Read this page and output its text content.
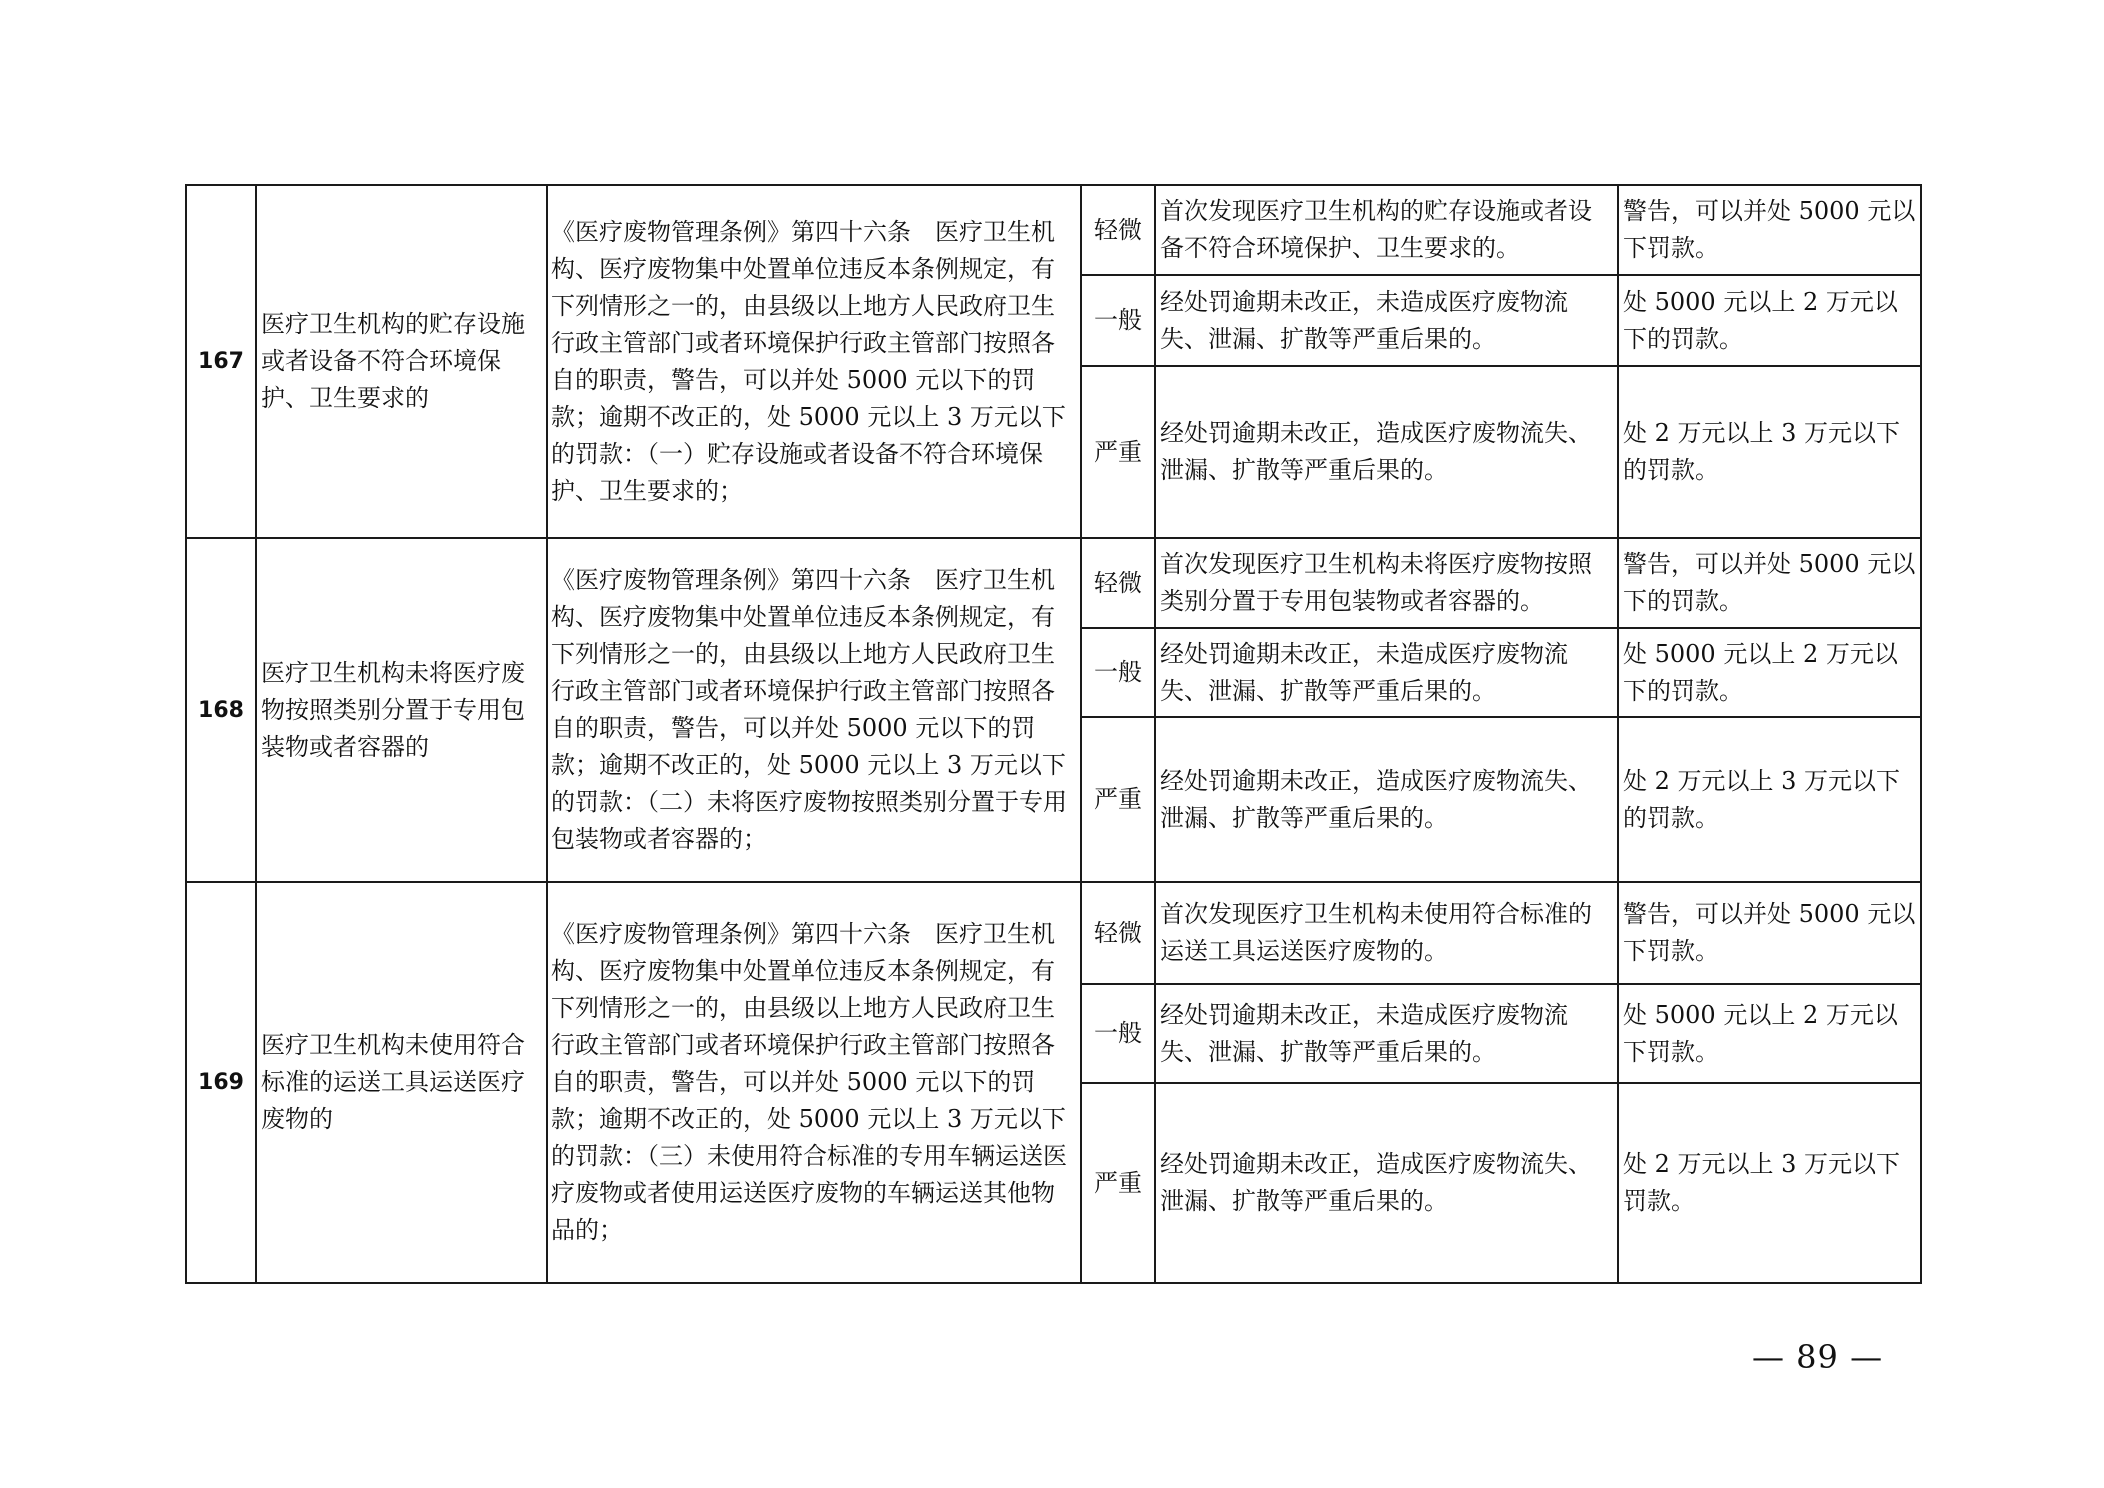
167	医疗卫生机构的贮存设施或者设备不符合环境保护、卫生要求的	《医疗废物管理条例》第四十六条　医疗卫生机构、医疗废物集中处置单位违反本条例规定，有下列情形之一的，由县级以上地方人民政府卫生行政主管部门或者环境保护行政主管部门按照各自的职责，警告，可以并处 5000 元以下的罚款；逾期不改正的，处 5000 元以上 3 万元以下的罚款：（一）贮存设施或者设备不符合环境保护、卫生要求的；	轻微	首次发现医疗卫生机构的贮存设施或者设备不符合环境保护、卫生要求的。	警告，可以并处 5000 元以下罚款。
			一般	经处罚逾期未改正，未造成医疗废物流失、泄漏、扩散等严重后果的。	处 5000 元以上 2 万元以下的罚款。
			严重	经处罚逾期未改正，造成医疗废物流失、泄漏、扩散等严重后果的。	处 2 万元以上 3 万元以下的罚款。
168	医疗卫生机构未将医疗废物按照类别分置于专用包装物或者容器的	《医疗废物管理条例》第四十六条　医疗卫生机构、医疗废物集中处置单位违反本条例规定，有下列情形之一的，由县级以上地方人民政府卫生行政主管部门或者环境保护行政主管部门按照各自的职责，警告，可以并处 5000 元以下的罚款；逾期不改正的，处 5000 元以上 3 万元以下的罚款：（二）未将医疗废物按照类别分置于专用包装物或者容器的；	轻微	首次发现医疗卫生机构未将医疗废物按照类别分置于专用包装物或者容器的。	警告，可以并处 5000 元以下的罚款。
			一般	经处罚逾期未改正，未造成医疗废物流失、泄漏、扩散等严重后果的。	处 5000 元以上 2 万元以下的罚款。
			严重	经处罚逾期未改正，造成医疗废物流失、泄漏、扩散等严重后果的。	处 2 万元以上 3 万元以下的罚款。
169	医疗卫生机构未使用符合标准的运送工具运送医疗废物的	《医疗废物管理条例》第四十六条　医疗卫生机构、医疗废物集中处置单位违反本条例规定，有下列情形之一的，由县级以上地方人民政府卫生行政主管部门或者环境保护行政主管部门按照各自的职责，警告，可以并处 5000 元以下的罚款；逾期不改正的，处 5000 元以上 3 万元以下的罚款：（三）未使用符合标准的专用车辆运送医疗废物或者使用运送医疗废物的车辆运送其他物品的；	轻微	首次发现医疗卫生机构未使用符合标准的运送工具运送医疗废物的。	警告，可以并处 5000 元以下罚款。
			一般	经处罚逾期未改正，未造成医疗废物流失、泄漏、扩散等严重后果的。	处 5000 元以上 2 万元以下罚款。
			严重	经处罚逾期未改正，造成医疗废物流失、泄漏、扩散等严重后果的。	处 2 万元以上 3 万元以下罚款。
— 89 —
